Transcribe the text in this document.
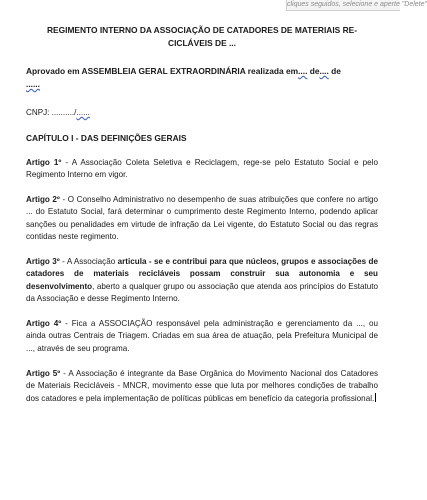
cliques seguidos, selecione e aperte "Delete"

REGIMENTO INTERNO DA ASSOCIAÇÃO DE CATADORES DE MATERIAIS RE-CICLÁVEIS DE ...

Aprovado em ASSEMBLEIA GERAL EXTRAORDINÁRIA realizada em.... de.... de
......

CNPJ: ........../......

CAPÍTULO I - DAS DEFINIÇÕES GERAIS

Artigo 1º - A Associação Coleta Seletiva e Reciclagem, rege-se pelo Estatuto Social e pelo Regimento Interno em vigor.

Artigo 2º - O Conselho Administrativo no desempenho de suas atribuições que confere no artigo ... do Estatuto Social, fará determinar o cumprimento deste Regimento Interno, podendo aplicar sanções ou penalidades em virtude de infração da Lei vigente, do Estatuto Social ou das regras contidas neste regimento.

Artigo 3º - A Associação articula - se e contribui para que núcleos, grupos e associações de catadores de materiais recicláveis possam construir sua autonomia e seu desenvolvimento, aberto a qualquer grupo ou associação que atenda aos princípios do Estatuto da Associação e desse Regimento Interno.

Artigo 4º - Fica a ASSOCIAÇÃO responsável pela administração e gerenciamento da ..., ou ainda outras Centrais de Triagem. Criadas em sua área de atuação, pela Prefeitura Municipal de ..., através de seu programa.

Artigo 5º - A Associação é integrante da Base Orgânica do Movimento Nacional dos Catadores de Materiais Recicláveis - MNCR, movimento esse que luta por melhores condições de trabalho dos catadores e pela implementação de políticas públicas em benefício da categoria profissional.
